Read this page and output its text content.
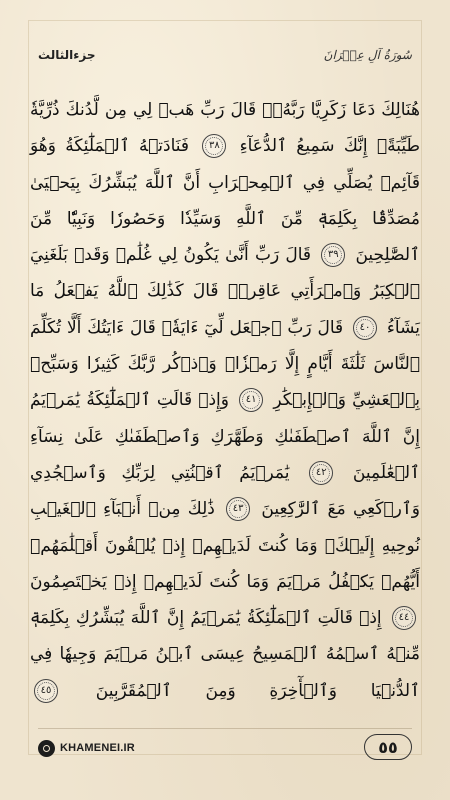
جزءالثالث	سُورَةُ آلِ عِمۡرَانَ
هُنَالِكَ دَعَا زَكَرِيَّا رَبَّهُۥۖ قَالَ رَبِّ هَبۡ لِي مِن لَّدُنكَ ذُرِّيَّةٗ طَيِّبَةًۖ إِنَّكَ سَمِيعُ ٱلدُّعَآءِ ٣٨ فَنَادَتۡهُ ٱلۡمَلَٰٓئِكَةُ وَهُوَ قَآئِمٞ يُصَلِّي فِي ٱلۡمِحۡرَابِ أَنَّ ٱللَّهَ يُبَشِّرُكَ بِيَحۡيَىٰ مُصَدِّقَۢا بِكَلِمَةٖ مِّنَ ٱللَّهِ وَسَيِّدٗا وَحَصُورٗا وَنَبِيّٗا مِّنَ ٱلصَّٰلِحِينَ ٣٩ قَالَ رَبِّ أَنَّىٰ يَكُونُ لِي غُلَٰمٞ وَقَدۡ بَلَغَنِيَ ٱلۡكِبَرُ وَٱمۡرَأَتِي عَاقِرٞۖ قَالَ كَذَٰلِكَ ٱللَّهُ يَفۡعَلُ مَا يَشَآءُ ٤٠ قَالَ رَبِّ ٱجۡعَل لِّيٓ ءَايَةٗۖ قَالَ ءَايَتُكَ أَلَّا تُكَلِّمَ ٱلنَّاسَ ثَلَٰثَةَ أَيَّامٍ إِلَّا رَمۡزٗاۗ وَٱذۡكُر رَّبَّكَ كَثِيرٗا وَسَبِّحۡ بِٱلۡعَشِيِّ وَٱلۡإِبۡكَٰرِ ٤١ وَإِذۡ قَالَتِ ٱلۡمَلَٰٓئِكَةُ يَٰمَرۡيَمُ إِنَّ ٱللَّهَ ٱصۡطَفَىٰكِ وَطَهَّرَكِ وَٱصۡطَفَىٰكِ عَلَىٰ نِسَآءِ ٱلۡعَٰلَمِينَ ٤٢ يَٰمَرۡيَمُ ٱقۡنُتِي لِرَبِّكِ وَٱسۡجُدِي وَٱرۡكَعِي مَعَ ٱلرَّٰكِعِينَ ٤٣ ذَٰلِكَ مِنۡ أَنۢبَآءِ ٱلۡغَيۡبِ نُوحِيهِ إِلَيۡكَۚ وَمَا كُنتَ لَدَيۡهِمۡ إِذۡ يُلۡقُونَ أَقۡلَٰمَهُمۡ أَيُّهُمۡ يَكۡفُلُ مَرۡيَمَ وَمَا كُنتَ لَدَيۡهِمۡ إِذۡ يَخۡتَصِمُونَ ٤٤ إِذۡ قَالَتِ ٱلۡمَلَٰٓئِكَةُ يَٰمَرۡيَمُ إِنَّ ٱللَّهَ يُبَشِّرُكِ بِكَلِمَةٖ مِّنۡهُ ٱسۡمُهُ ٱلۡمَسِيحُ عِيسَى ٱبۡنُ مَرۡيَمَ وَجِيهٗا فِي ٱلدُّنۡيَا وَٱلۡأٓخِرَةِ وَمِنَ ٱلۡمُقَرَّبِينَ ٤٥
KHAMENEI.IR	٥٥
